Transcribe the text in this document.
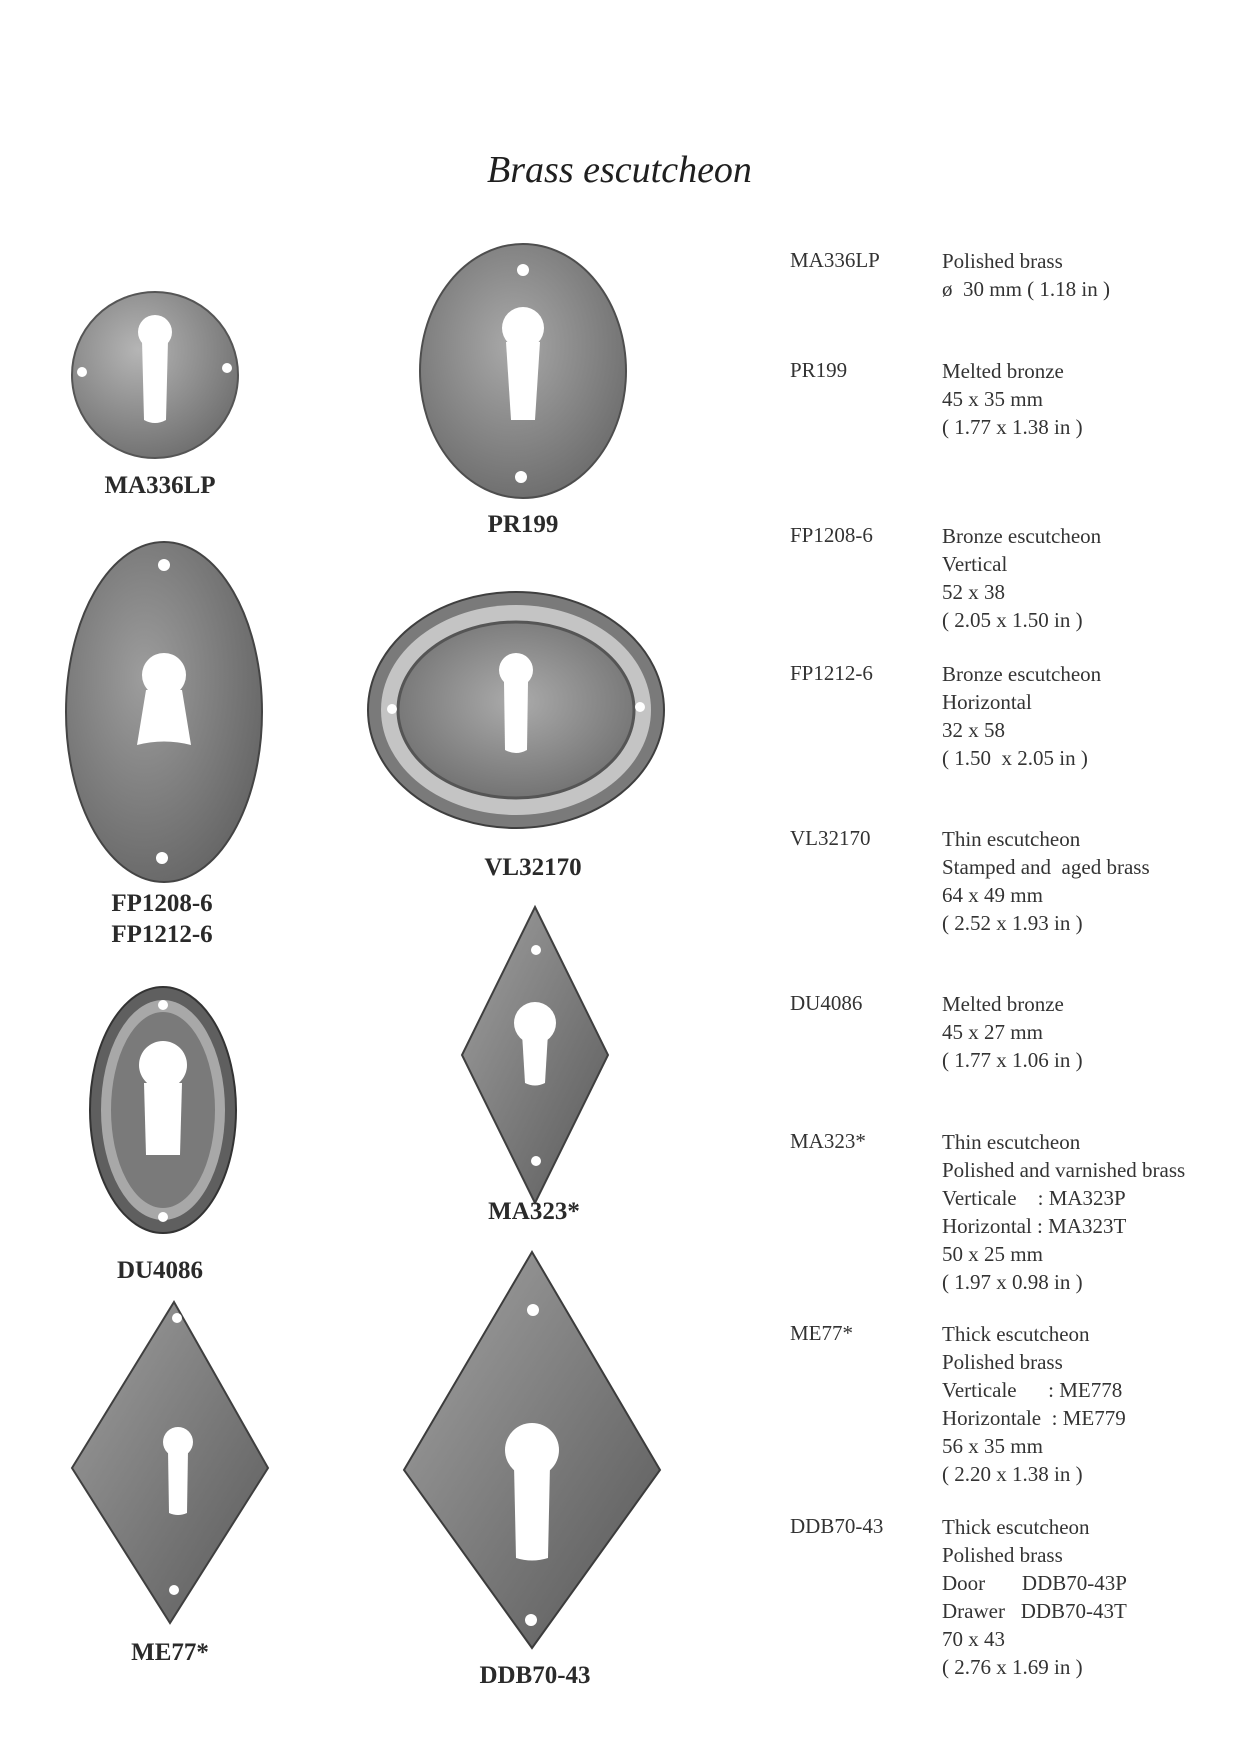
Brass escutcheon
MA336LP
PR199
FP1208-6
FP1212-6
VL32170
DU4086
MA323*
ME77*
DDB70-43
MA336LP
PR199
FP1208-6
FP1212-6
VL32170
DU4086
MA323*
ME77*
DDB70-43
Polished brass
ø  30 mm ( 1.18 in )
Melted bronze
45 x 35 mm
( 1.77 x 1.38 in )
Bronze escutcheon
Vertical
52 x 38
( 2.05 x 1.50 in )
Bronze escutcheon
Horizontal
32 x 58
( 1.50  x 2.05 in )
Thin escutcheon
Stamped and  aged brass
64 x 49 mm
( 2.52 x 1.93 in )
Melted bronze
45 x 27 mm
( 1.77 x 1.06 in )
Thin escutcheon
Polished and varnished brass
Verticale    : MA323P
Horizontal : MA323T
50 x 25 mm
( 1.97 x 0.98 in )
Thick escutcheon
Polished brass
Verticale      : ME778
Horizontale  : ME779
56 x 35 mm
( 2.20 x 1.38 in )
Thick escutcheon
Polished brass
Door       DDB70-43P
Drawer   DDB70-43T
70 x 43
( 2.76 x 1.69 in )
